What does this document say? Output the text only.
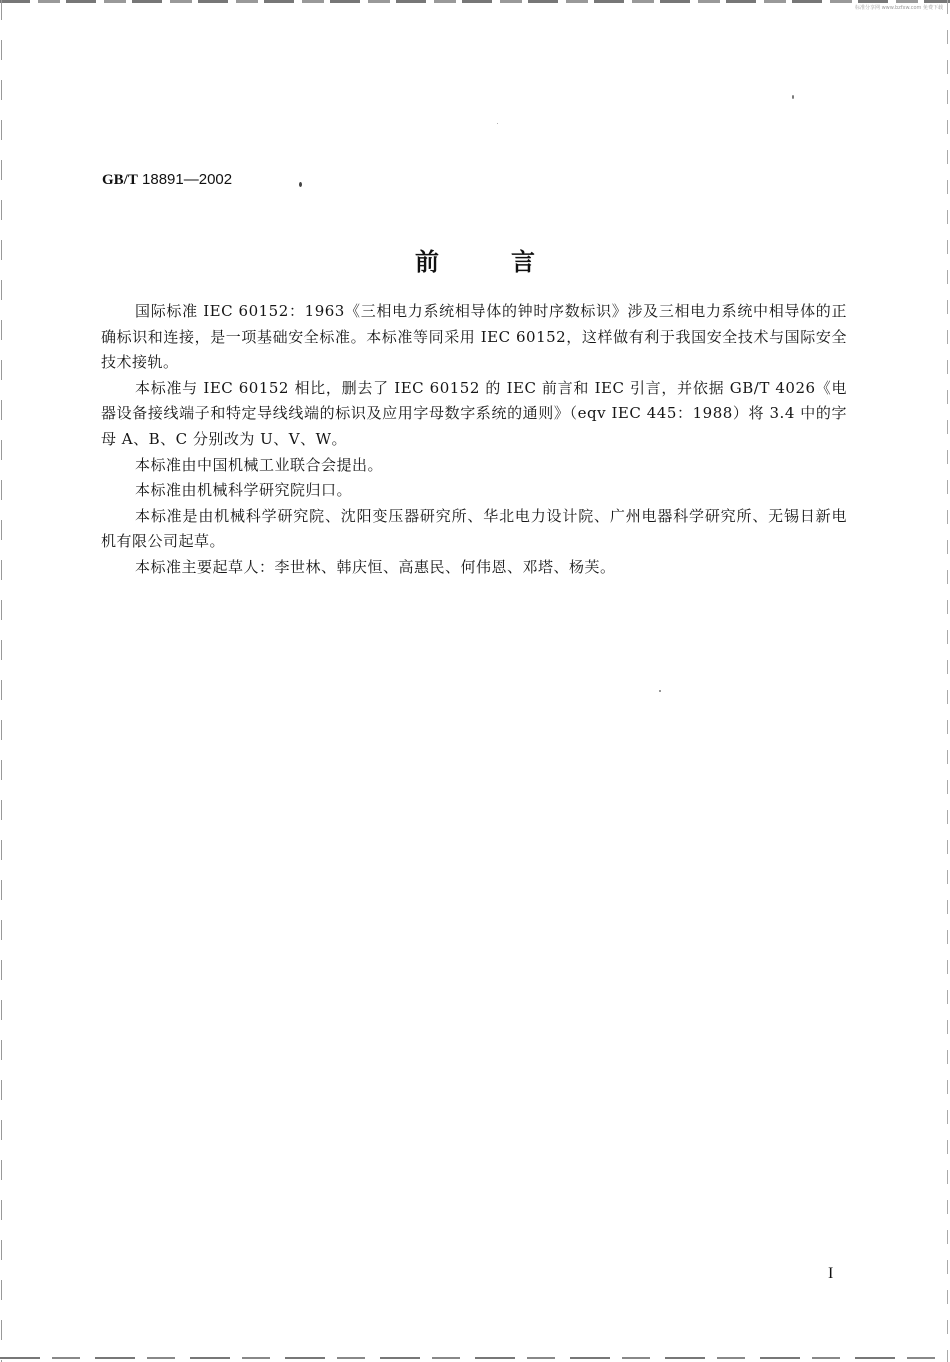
标准分享网 www.bzfxw.com 免费下载
GB/T 18891—2002
前言

国际标准 IEC 60152：1963《三相电力系统相导体的钟时序数标识》涉及三相电力系统中相导体的正确标识和连接，是一项基础安全标准。本标准等同采用 IEC 60152，这样做有利于我国安全技术与国际安全技术接轨。

本标准与 IEC 60152 相比，删去了 IEC 60152 的 IEC 前言和 IEC 引言，并依据 GB/T 4026《电器设备接线端子和特定导线线端的标识及应用字母数字系统的通则》（eqv IEC 445：1988）将 3.4 中的字母 A、B、C 分别改为 U、V、W。

本标准由中国机械工业联合会提出。

本标准由机械科学研究院归口。

本标准是由机械科学研究院、沈阳变压器研究所、华北电力设计院、广州电器科学研究所、无锡日新电机有限公司起草。

本标准主要起草人：李世林、韩庆恒、高惠民、何伟恩、邓塔、杨芙。

I
